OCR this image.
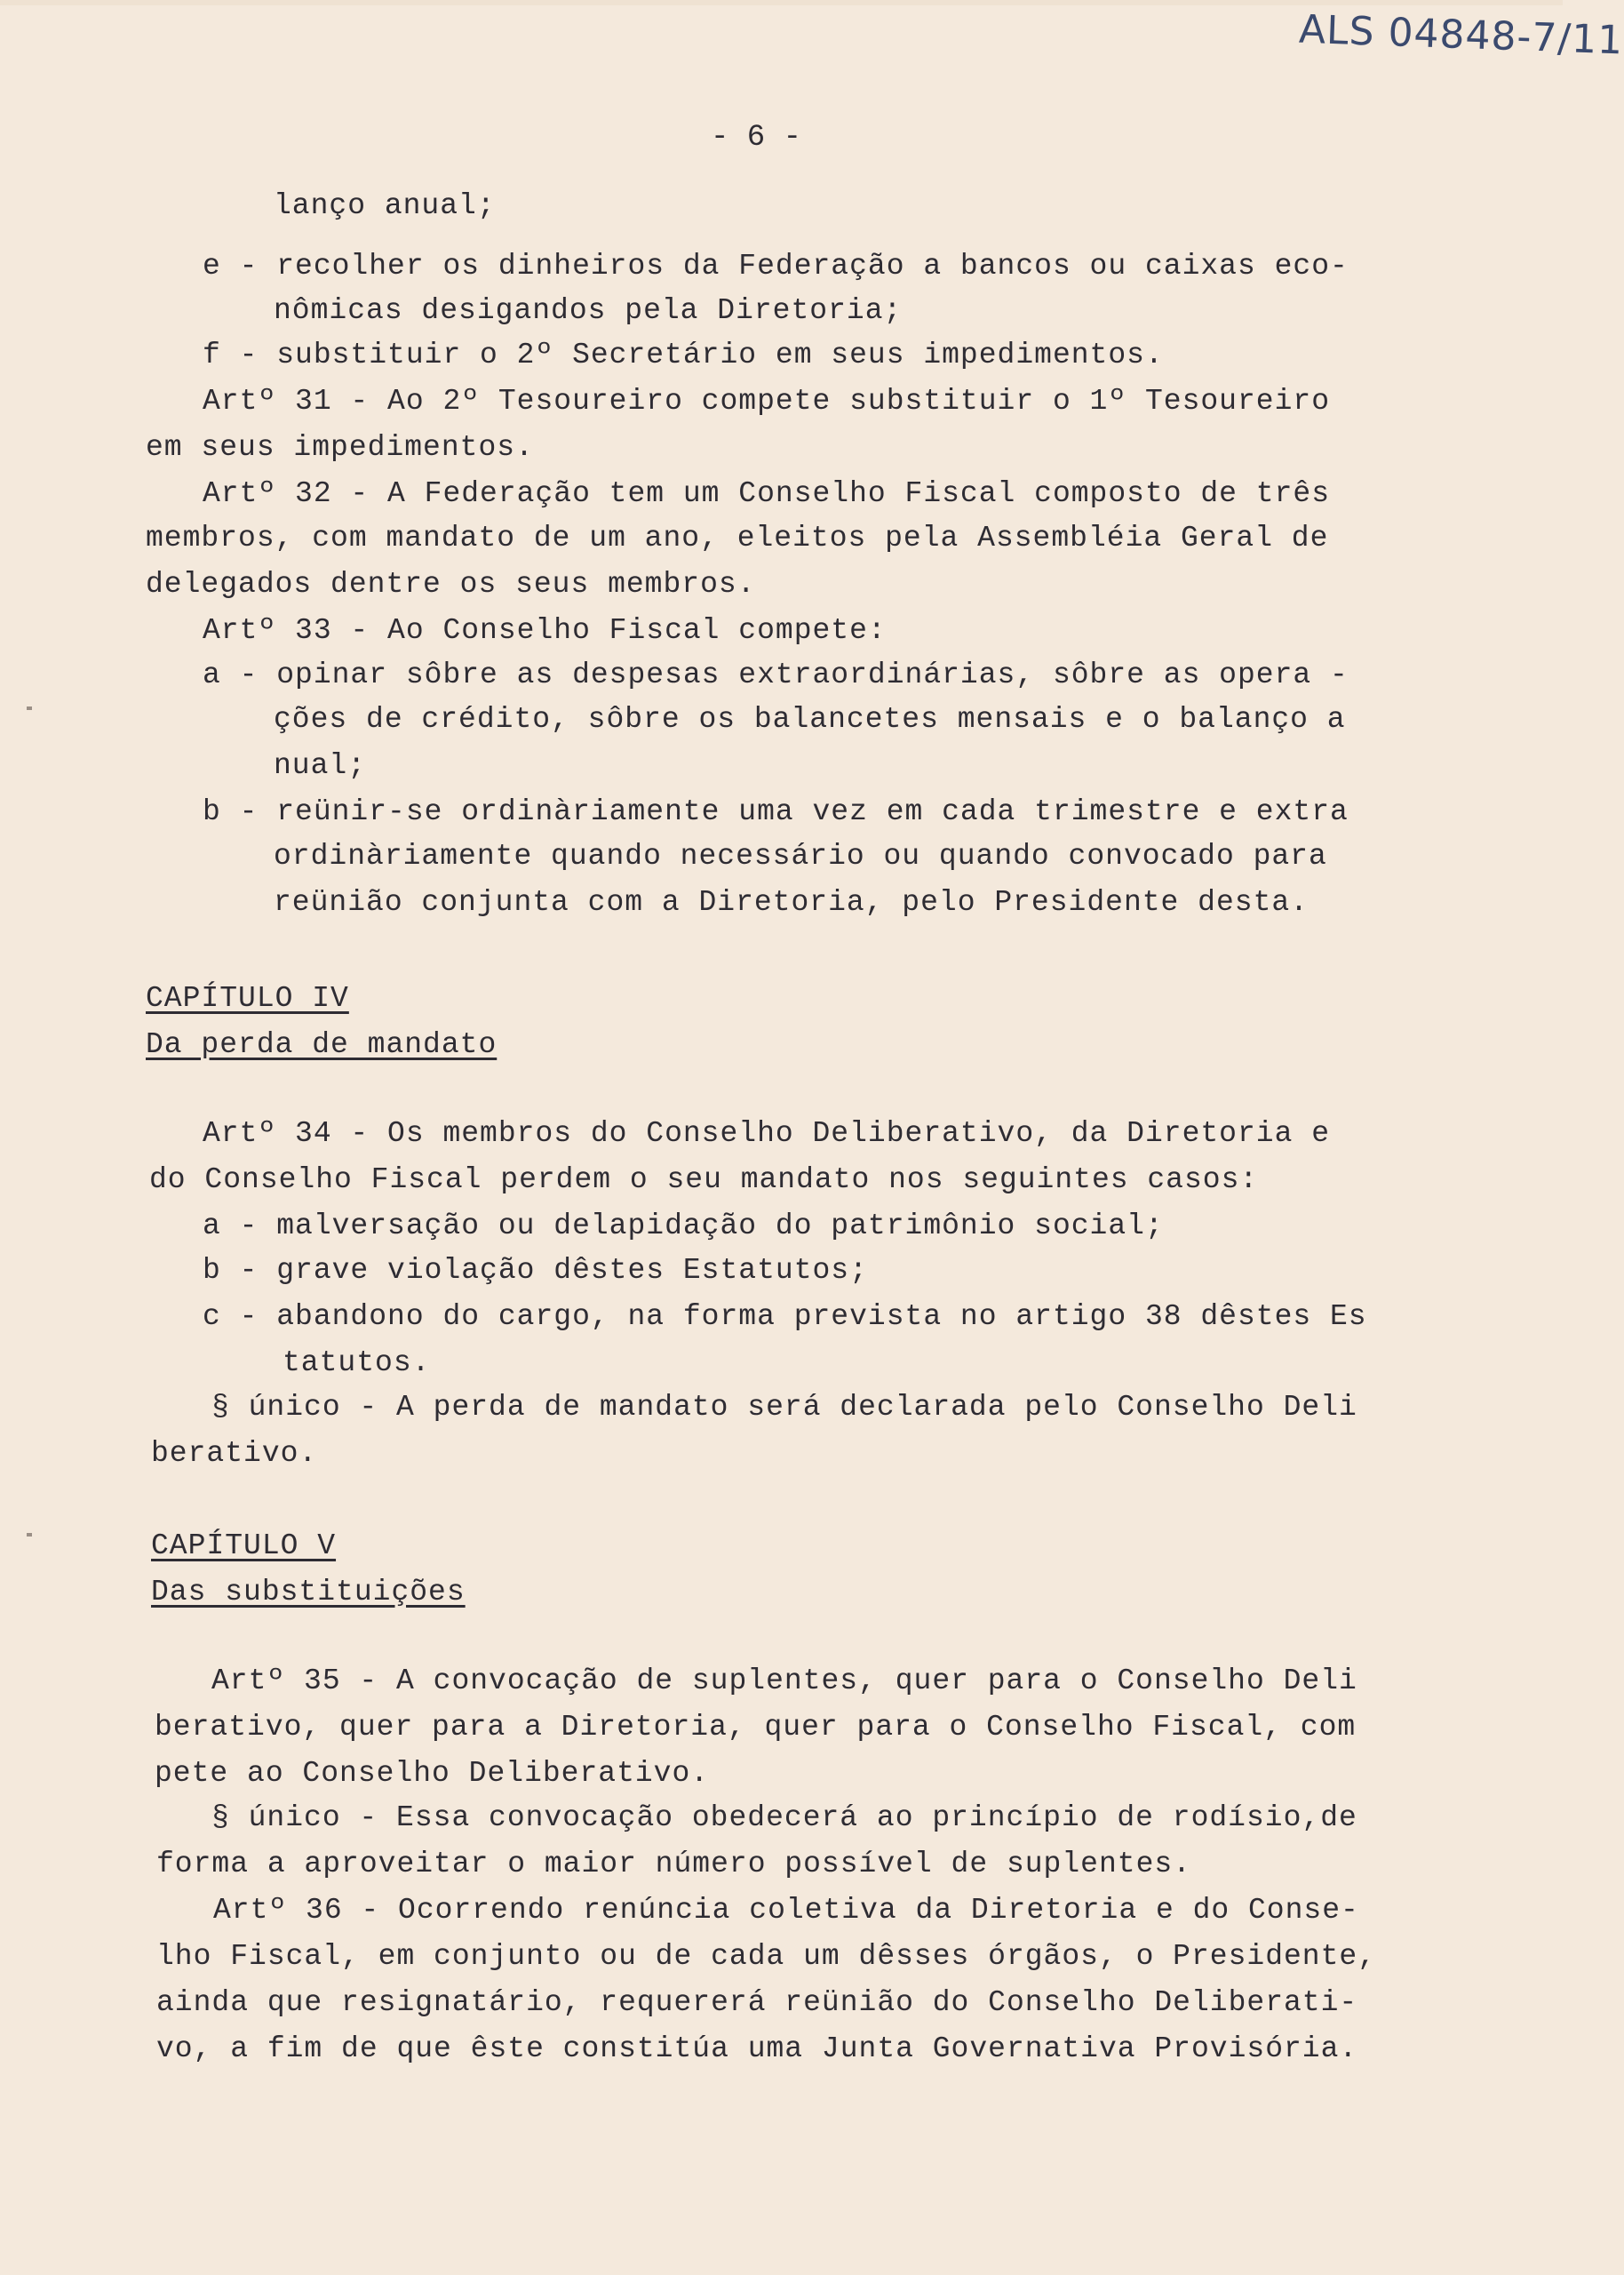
ALS 04848-7/11
- 6 -
lanço anual;
e - recolher os dinheiros da Federação a bancos ou caixas eco-
nômicas desigandos pela Diretoria;
f - substituir o 2º Secretário em seus impedimentos.
Artº 31 - Ao 2º Tesoureiro compete substituir o 1º Tesoureiro
em seus impedimentos.
Artº 32 - A Federação tem um Conselho Fiscal composto de três
membros, com mandato de um ano, eleitos pela Assembléia Geral de
delegados dentre os seus membros.
Artº 33 - Ao Conselho Fiscal compete:
a - opinar sôbre as despesas extraordinárias, sôbre as opera -
ções de crédito, sôbre os balancetes mensais e o balanço a
nual;
b - reünir-se ordinàriamente uma vez em cada trimestre e extra
ordinàriamente quando necessário ou quando convocado para
reünião conjunta com a Diretoria, pelo Presidente desta.
CAPÍTULO IV
Da perda de mandato
Artº 34 - Os membros do Conselho Deliberativo, da Diretoria e
do Conselho Fiscal perdem o seu mandato nos seguintes casos:
a - malversação ou delapidação do patrimônio social;
b - grave violação dêstes Estatutos;
c - abandono do cargo, na forma prevista no artigo 38 dêstes Es
tatutos.
§ único - A perda de mandato será declarada pelo Conselho Deli
berativo.
CAPÍTULO V
Das substituições
Artº 35 - A convocação de suplentes, quer para o Conselho Deli
berativo, quer para a Diretoria, quer para o Conselho Fiscal, com
pete ao Conselho Deliberativo.
§ único - Essa convocação obedecerá ao princípio de rodísio,de
forma a aproveitar o maior número possível de suplentes.
Artº 36 - Ocorrendo renúncia coletiva da Diretoria e do Conse-
lho Fiscal, em conjunto ou de cada um dêsses órgãos, o Presidente,
ainda que resignatário, requererá reünião do Conselho Deliberati-
vo, a fim de que êste constitúa uma Junta Governativa Provisória.
